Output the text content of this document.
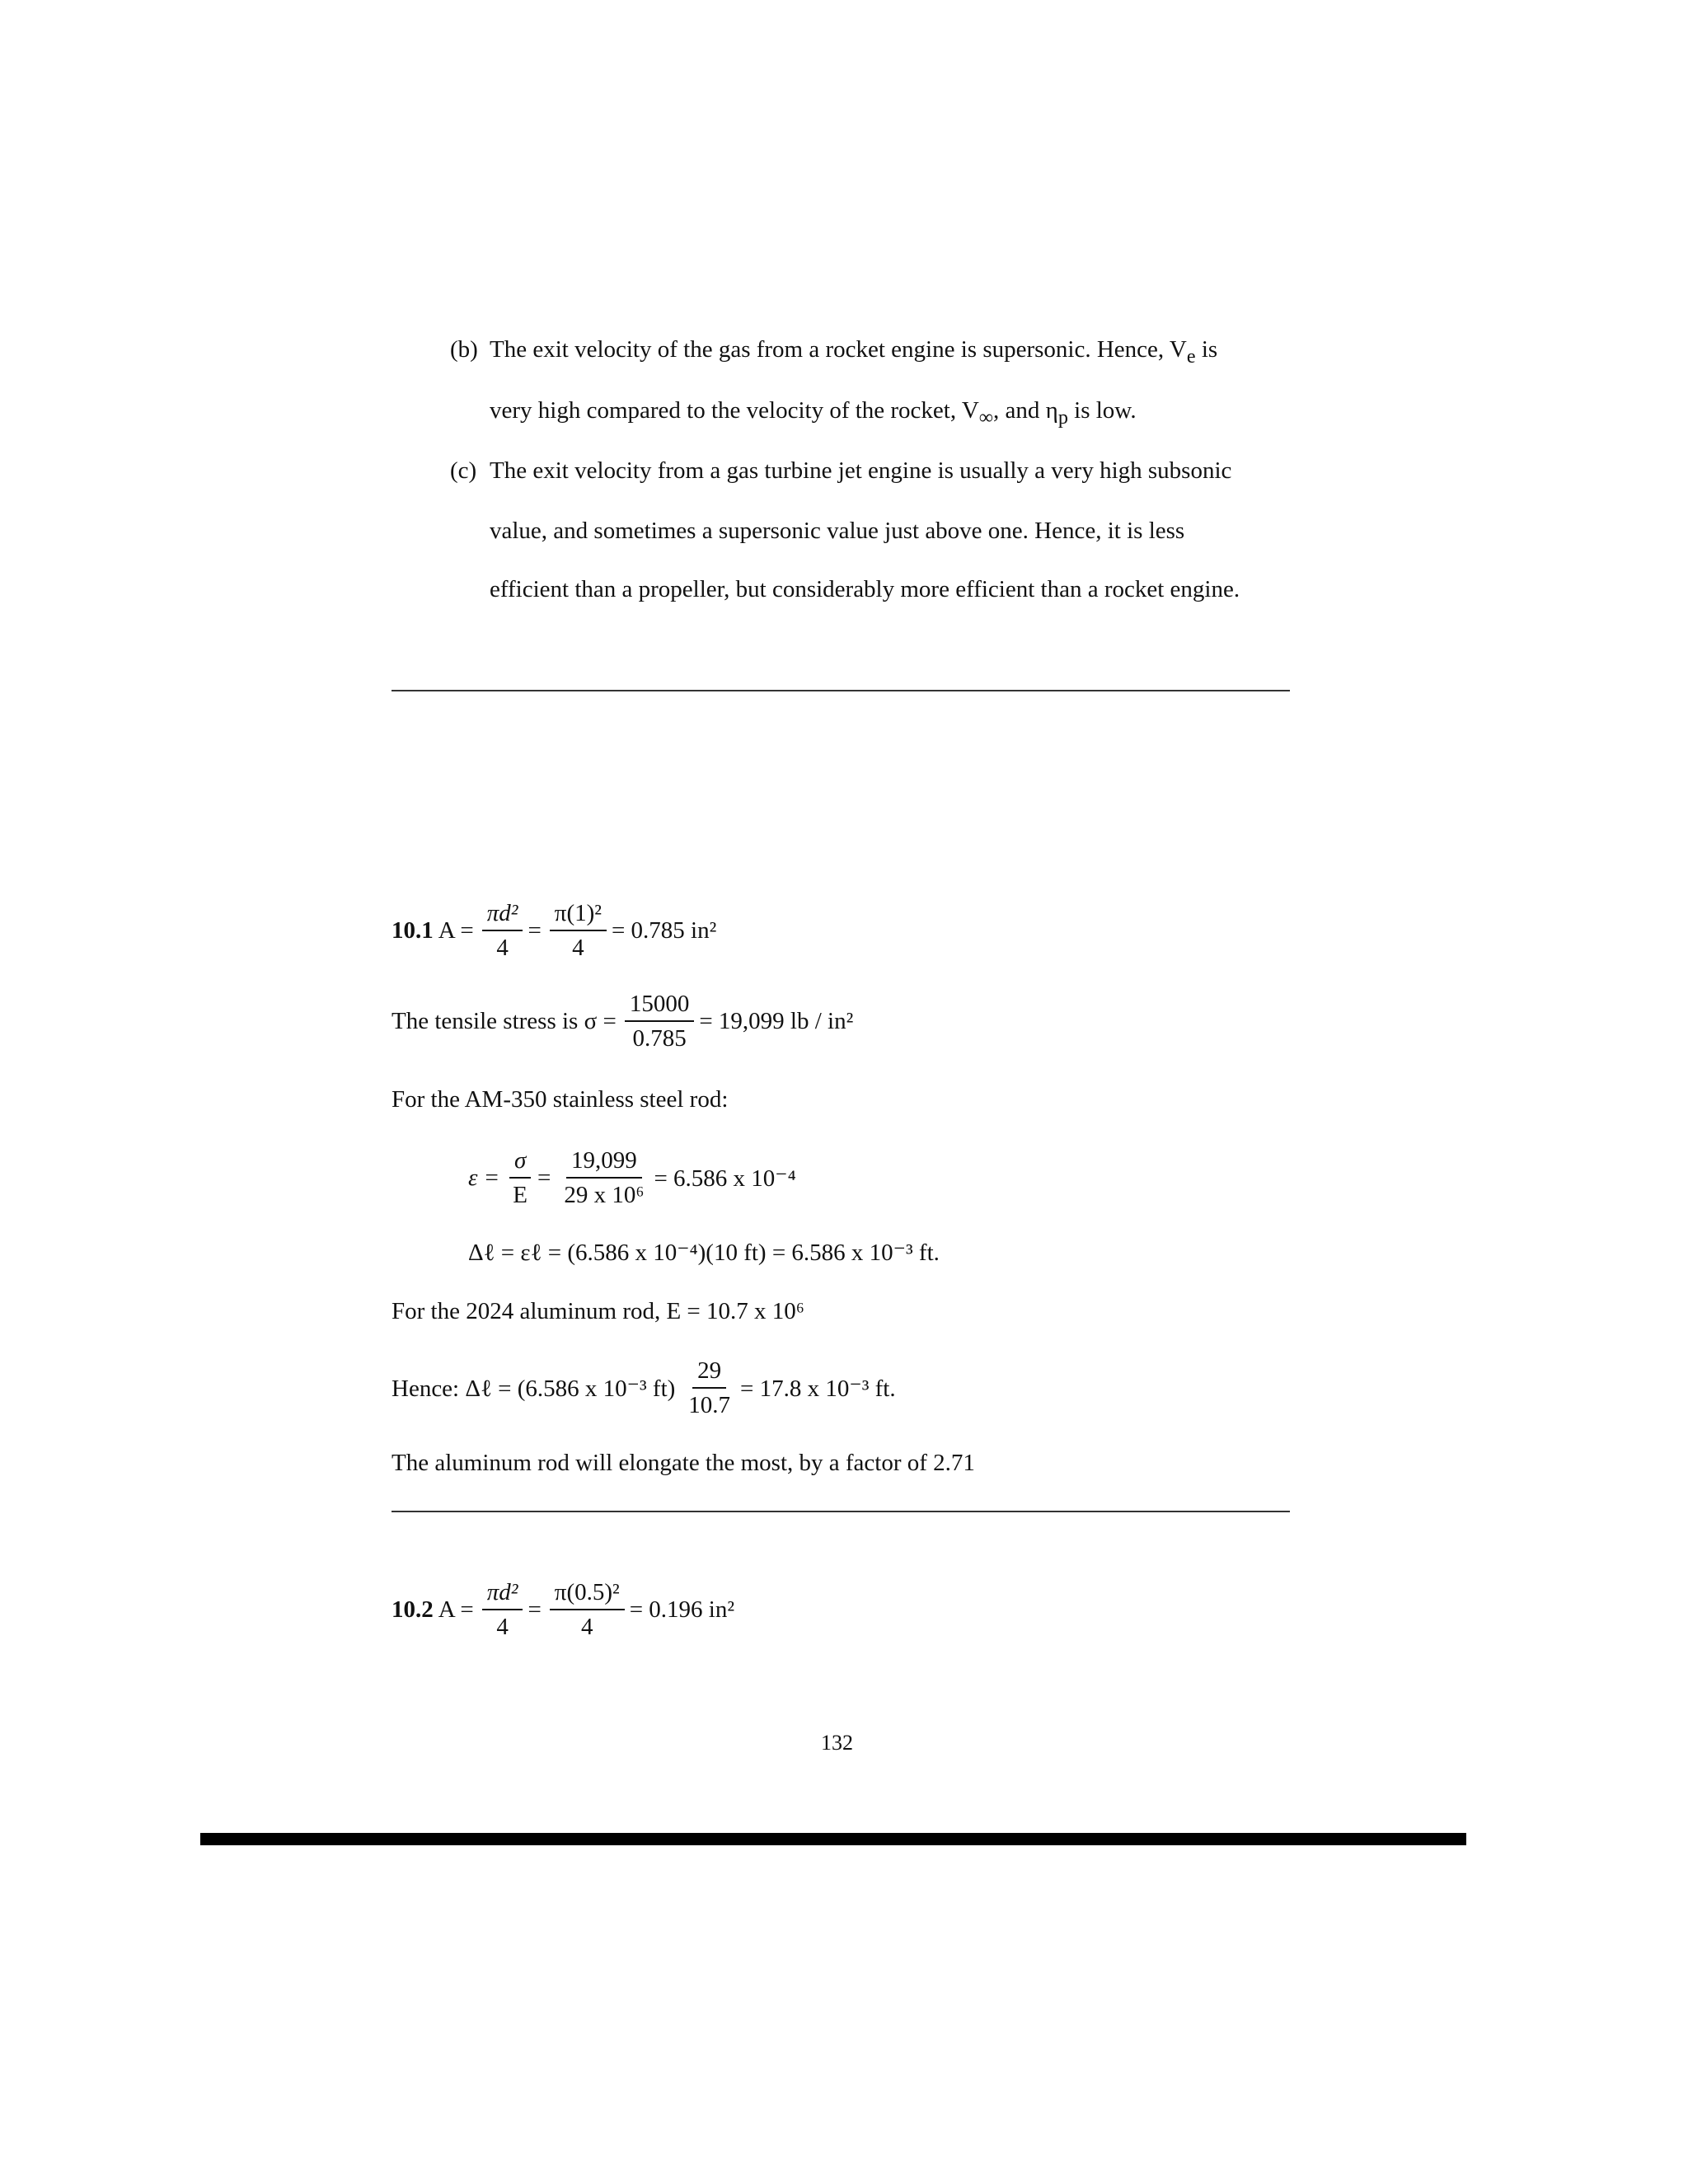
(b) The exit velocity of the gas from a rocket engine is supersonic. Hence, $V_e$ is
very high compared to the velocity of the rocket, $V_\infty$, and $\eta_p$ is low.
(c) The exit velocity from a gas turbine jet engine is usually a very high subsonic
value, and sometimes a supersonic value just above one. Hence, it is less
efficient than a propeller, but considerably more efficient than a rocket engine.
10.1 $A = \frac{\text{πd²}}{4} = \frac{\text{π(1)²}}{4} = 0.785$ in²
The tensile stress is $\sigma = \frac{15000}{0.785} = 19,099$ lb / in²
For the AM-350 stainless steel rod:
$\varepsilon = \frac{\sigma}{E} = \frac{19,099}{\text{29 x 10⁶}} = 6.586$ x 10⁻⁴
Δℓ = εℓ = (6.586 x 10⁻⁴)(10 ft) = 6.586 x 10⁻³ ft.
For the 2024 aluminum rod, E = 10.7 x 10⁶
Hence: Δℓ = (6.586 x 10⁻³ $ft) \frac{29}{10.7} = 17.8$ x 10⁻³ ft.
The aluminum rod will elongate the most, by a factor of 2.71
10.2 $A = \frac{\text{πd²}}{4} = \frac{\text{π(0.5)²}}{4} = 0.196$ in²
132
